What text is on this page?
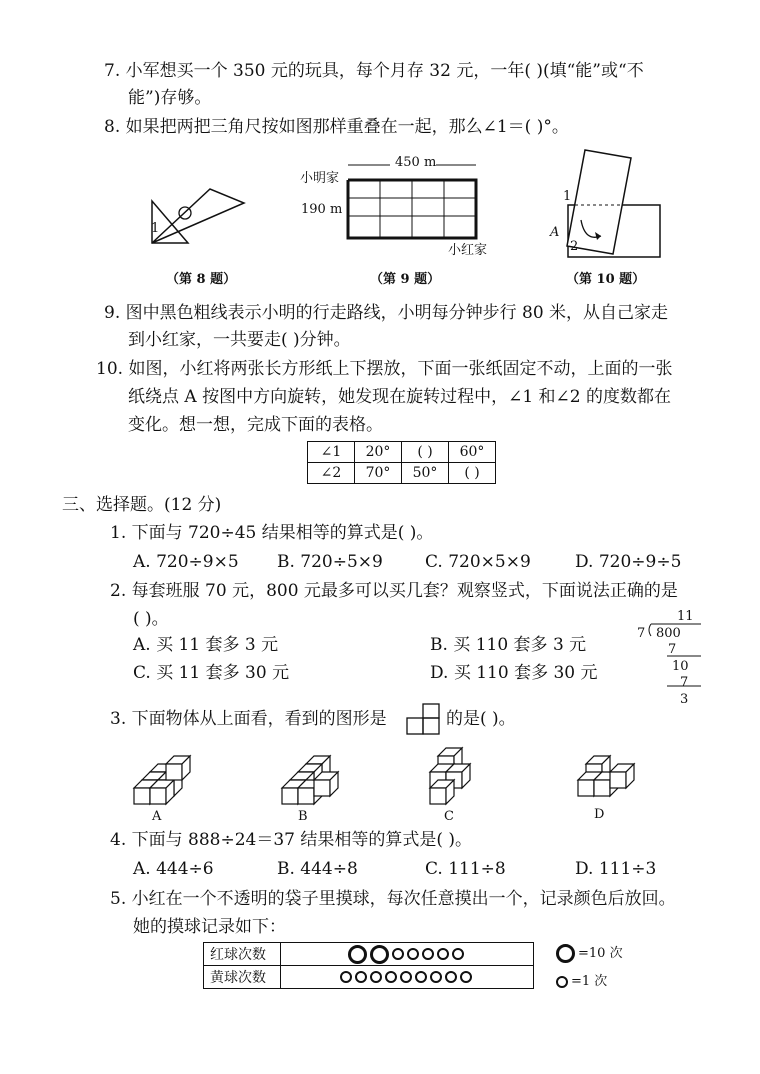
7. 小军想买一个 350 元的玩具，每个月存 32 元，一年( )(填“能”或“不
能”)存够。
8. 如果把两把三角尺按如图那样重叠在一起，那么∠1＝( )°。
1
（第 8 题）
450 m
小明家
190 m
小红家
（第 9 题）
1
A
2
（第 10 题）
9. 图中黑色粗线表示小明的行走路线，小明每分钟步行 80 米，从自己家走
到小红家，一共要走( )分钟。
10. 如图，小红将两张长方形纸上下摆放，下面一张纸固定不动，上面的一张
纸绕点 A 按图中方向旋转，她发现在旋转过程中，∠1 和∠2 的度数都在
变化。想一想，完成下面的表格。
∠1	20°	( )	60°
∠2	70°	50°	( )
三、选择题。(12 分)
1. 下面与 720÷45 结果相等的算式是( )。
A. 720÷9×5 B. 720÷5×9 C. 720×5×9	D. 720÷9÷5
2. 每套班服 70 元，800 元最多可以买几套？观察竖式，下面说法正确的是
( )。
A. 买 11 套多 3 元	B. 买 110 套多 3 元
C. 买 11 套多 30 元	D. 买 110 套多 30 元
11
7 800
7
10
7
3
3. 下面物体从上面看，看到的图形是	的是( )。
A	B	C	D
4. 下面与 888÷24＝37 结果相等的算式是( )。
A. 444÷6	B. 444÷8	C. 111÷8	D. 111÷3
5. 小红在一个不透明的袋子里摸球，每次任意摸出一个，记录颜色后放回。
她的摸球记录如下：
红球次数	
黄球次数	
=10 次
=1 次
